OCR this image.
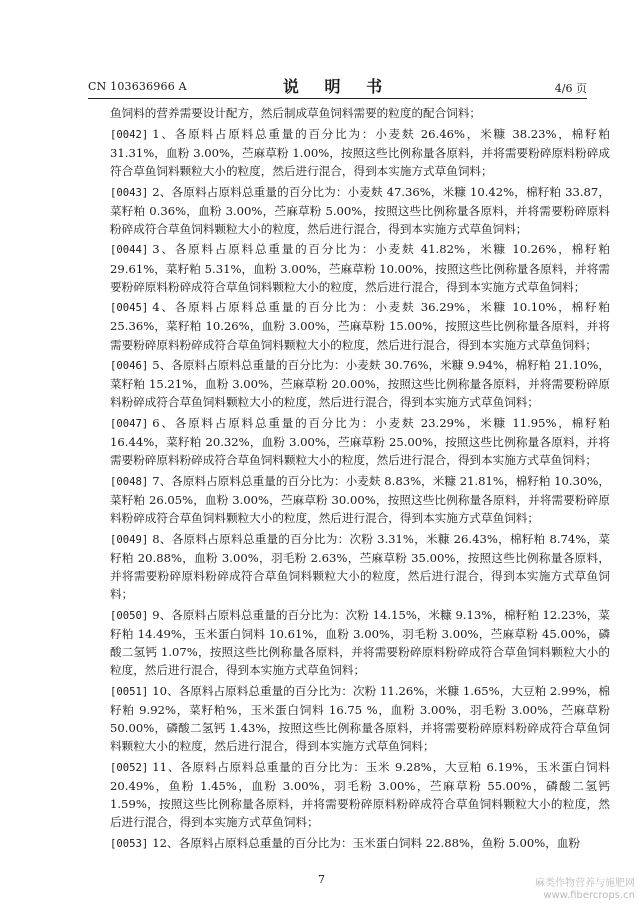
CN 103636966 A	说 明 书	4/6 页

鱼饲料的营养需要设计配方，然后制成草鱼饲料需要的粒度的配合饲料；

[0042] 1、各原料占原料总重量的百分比为：小麦麸 26.46%，米糠 38.23%，棉籽粕 31.31%，血粉 3.00%，苎麻草粉 1.00%，按照这些比例称量各原料，并将需要粉碎原料粉碎成符合草鱼饲料颗粒大小的粒度，然后进行混合，得到本实施方式草鱼饲料；

[0043] 2、各原料占原料总重量的百分比为：小麦麸 47.36%，米糠 10.42%，棉籽粕 33.87，菜籽粕 0.36%，血粉 3.00%，苎麻草粉 5.00%，按照这些比例称量各原料，并将需要粉碎原料粉碎成符合草鱼饲料颗粒大小的粒度，然后进行混合，得到本实施方式草鱼饲料；

[0044] 3、各原料占原料总重量的百分比为：小麦麸 41.82%，米糠 10.26%，棉籽粕 29.61%，菜籽粕 5.31%，血粉 3.00%，苎麻草粉 10.00%，按照这些比例称量各原料，并将需要粉碎原料粉碎成符合草鱼饲料颗粒大小的粒度，然后进行混合，得到本实施方式草鱼饲料；

[0045] 4、各原料占原料总重量的百分比为：小麦麸 36.29%，米糠 10.10%，棉籽粕 25.36%，菜籽粕 10.26%，血粉 3.00%，苎麻草粉 15.00%，按照这些比例称量各原料，并将需要粉碎原料粉碎成符合草鱼饲料颗粒大小的粒度，然后进行混合，得到本实施方式草鱼饲料；

[0046] 5、各原料占原料总重量的百分比为：小麦麸 30.76%，米糠 9.94%，棉籽粕 21.10%，菜籽粕 15.21%，血粉 3.00%，苎麻草粉 20.00%，按照这些比例称量各原料，并将需要粉碎原料粉碎成符合草鱼饲料颗粒大小的粒度，然后进行混合，得到本实施方式草鱼饲料；

[0047] 6、各原料占原料总重量的百分比为：小麦麸 23.29%，米糠 11.95%，棉籽粕 16.44%，菜籽粕 20.32%，血粉 3.00%，苎麻草粉 25.00%，按照这些比例称量各原料，并将需要粉碎原料粉碎成符合草鱼饲料颗粒大小的粒度，然后进行混合，得到本实施方式草鱼饲料；

[0048] 7、各原料占原料总重量的百分比为：小麦麸 8.83%，米糠 21.81%，棉籽粕 10.30%，菜籽粕 26.05%，血粉 3.00%，苎麻草粉 30.00%，按照这些比例称量各原料，并将需要粉碎原料粉碎成符合草鱼饲料颗粒大小的粒度，然后进行混合，得到本实施方式草鱼饲料；

[0049] 8、各原料占原料总重量的百分比为：次粉 3.31%，米糠 26.43%，棉籽粕 8.74%，菜籽粕 20.88%，血粉 3.00%，羽毛粉 2.63%，苎麻草粉 35.00%，按照这些比例称量各原料，并将需要粉碎原料粉碎成符合草鱼饲料颗粒大小的粒度，然后进行混合，得到本实施方式草鱼饲料；

[0050] 9、各原料占原料总重量的百分比为：次粉 14.15%，米糠 9.13%，棉籽粕 12.23%，菜籽粕 14.49%，玉米蛋白饲料 10.61%，血粉 3.00%，羽毛粉 3.00%，苎麻草粉 45.00%，磷酸二氢钙 1.07%，按照这些比例称量各原料，并将需要粉碎原料粉碎成符合草鱼饲料颗粒大小的粒度，然后进行混合，得到本实施方式草鱼饲料；

[0051] 10、各原料占原料总重量的百分比为：次粉 11.26%，米糠 1.65%，大豆粕 2.99%，棉籽粕 9.92%，菜籽粕%，玉米蛋白饲料 16.75 %，血粉 3.00%，羽毛粉 3.00%，苎麻草粉 50.00%，磷酸二氢钙 1.43%，按照这些比例称量各原料，并将需要粉碎原料粉碎成符合草鱼饲料颗粒大小的粒度，然后进行混合，得到本实施方式草鱼饲料；

[0052] 11、各原料占原料总重量的百分比为：玉米 9.28%，大豆粕 6.19%，玉米蛋白饲料 20.49%，鱼粉 1.45%，血粉 3.00%，羽毛粉 3.00%，苎麻草粉 55.00%，磷酸二氢钙 1.59%，按照这些比例称量各原料，并将需要粉碎原料粉碎成符合草鱼饲料颗粒大小的粒度，然后进行混合，得到本实施方式草鱼饲料；

[0053] 12、各原料占原料总重量的百分比为：玉米蛋白饲料 22.88%，鱼粉 5.00%，血粉

7	麻类作物营养与施肥网
www.fibercrops.cn
